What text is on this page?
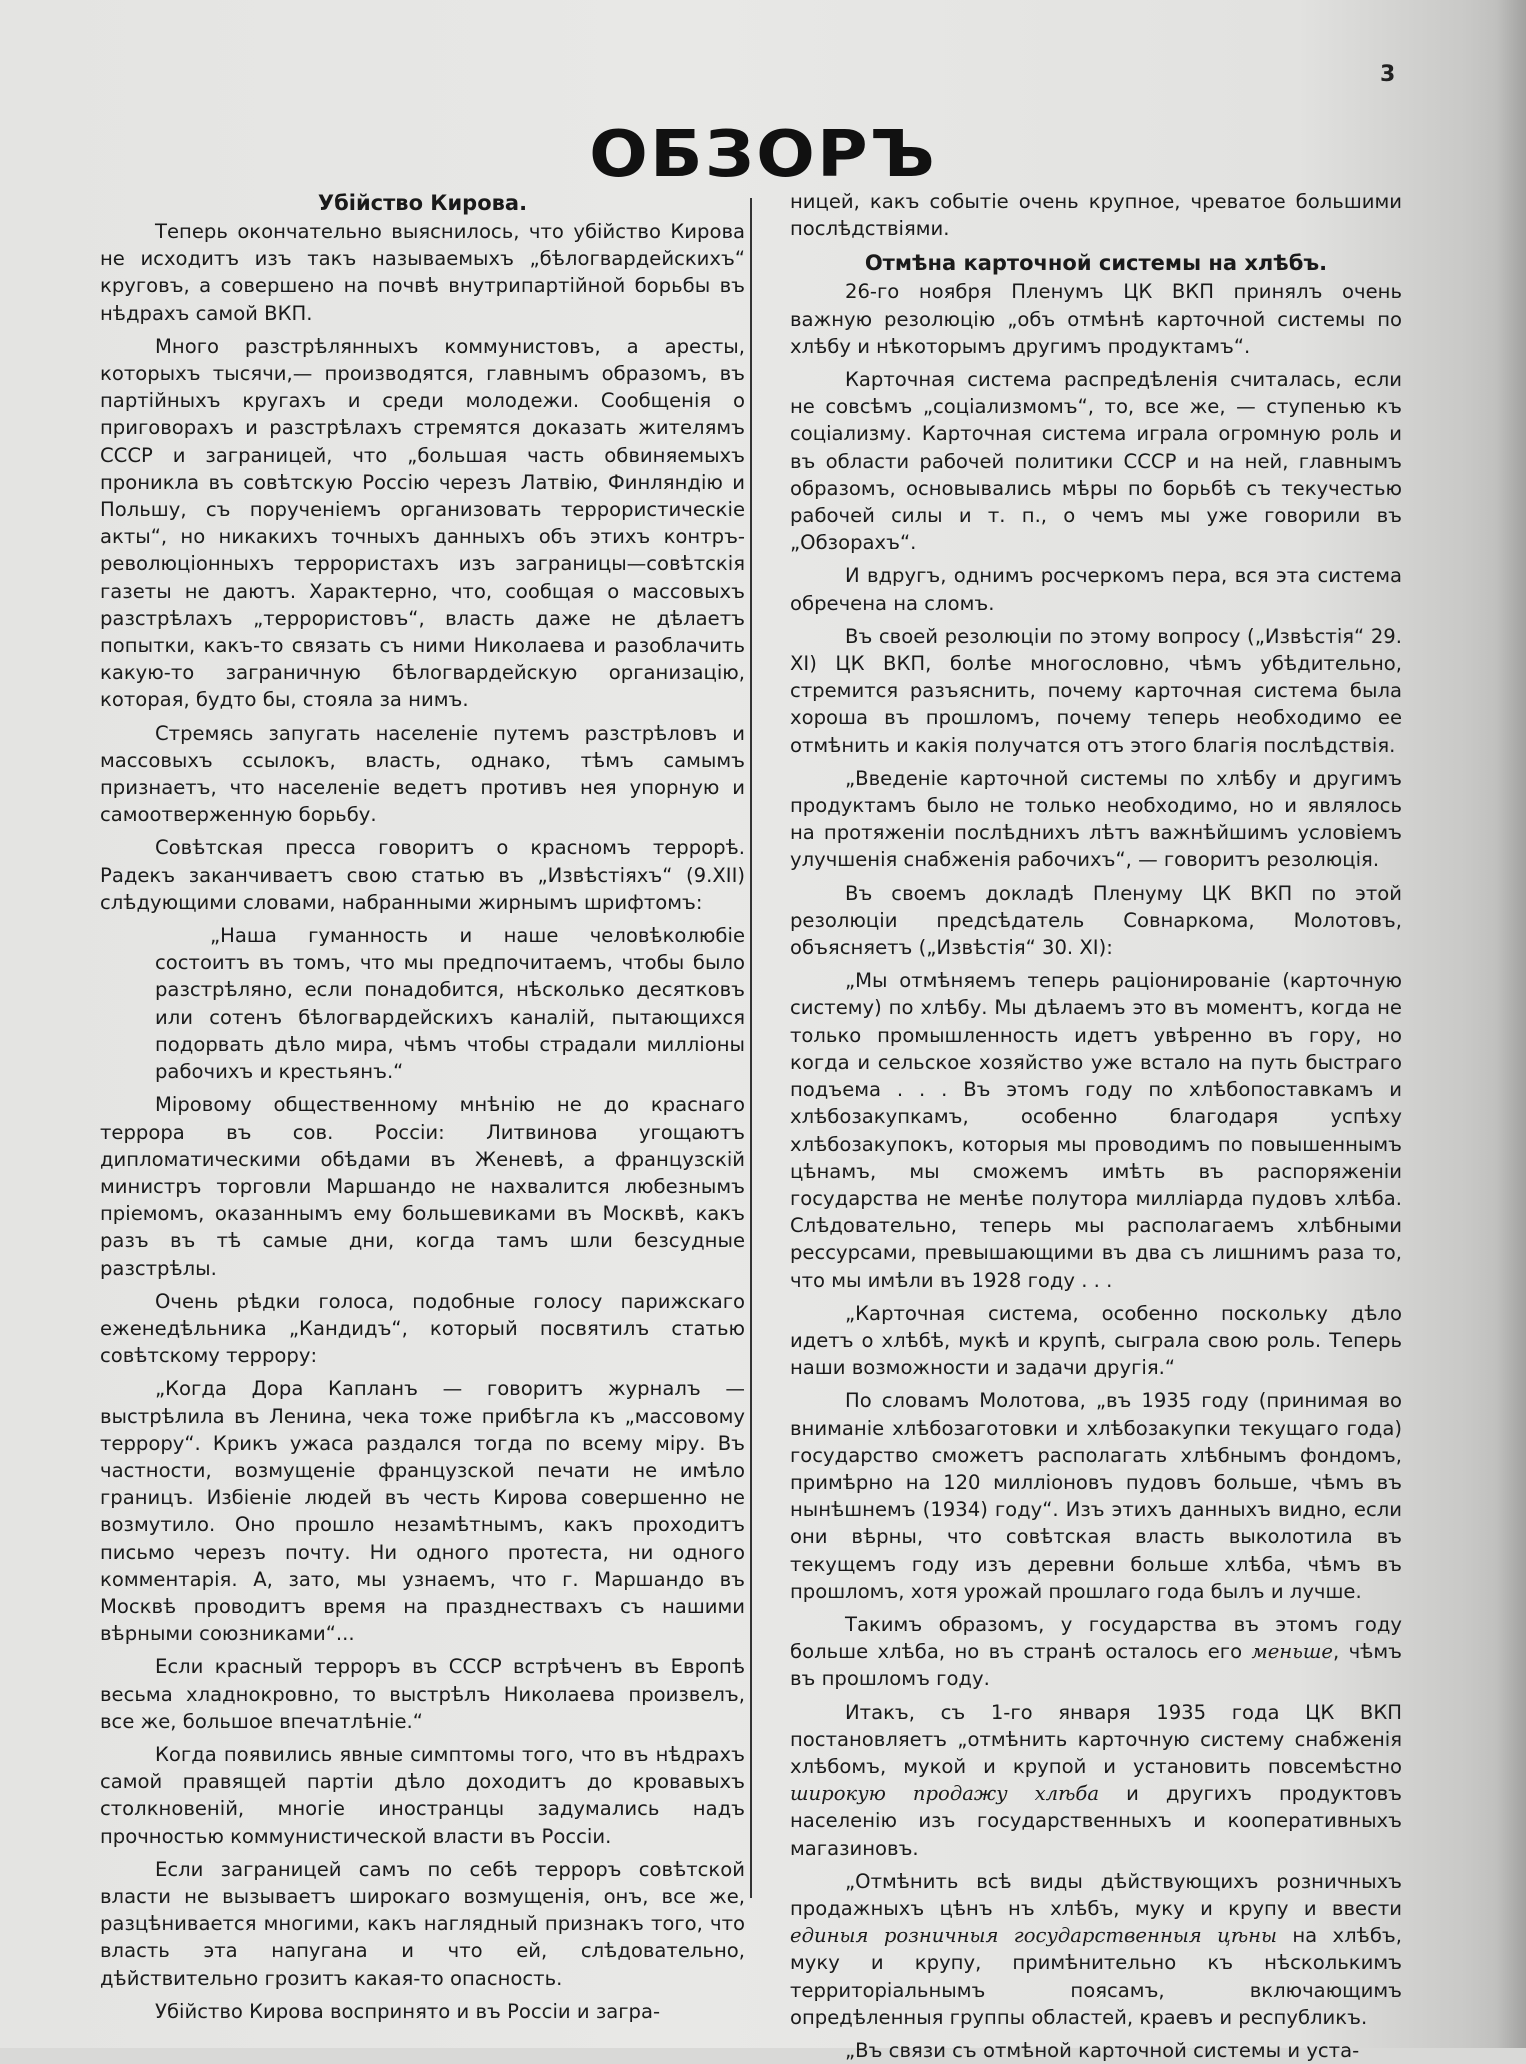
3
ОБЗОРЪ
Убійство Кирова.

Теперь окончательно выяснилось, что убійство Кирова не исходитъ изъ такъ называемыхъ „бѣлогвардейскихъ“ круговъ, а совершено на почвѣ внутрипартійной борьбы въ нѣдрахъ самой ВКП.

Много разстрѣлянныхъ коммунистовъ, а аресты, которыхъ тысячи,— производятся, главнымъ образомъ, въ партійныхъ кругахъ и среди молодежи. Сообщенія о приговорахъ и разстрѣлахъ стремятся доказать жителямъ СССР и заграницей, что „большая часть обвиняемыхъ проникла въ совѣтскую Россію черезъ Латвію, Финляндію и Польшу, съ порученіемъ организовать террористическіе акты“, но никакихъ точныхъ данныхъ объ этихъ контръ-революціонныхъ террористахъ изъ заграницы—совѣтскія газеты не даютъ. Характерно, что, сообщая о массовыхъ разстрѣлахъ „террористовъ“, власть даже не дѣлаетъ попытки, какъ-то связать съ ними Николаева и разоблачить какую-то заграничную бѣлогвардейскую организацію, которая, будто бы, стояла за нимъ.

Стремясь запугать населеніе путемъ разстрѣловъ и массовыхъ ссылокъ, власть, однако, тѣмъ самымъ признаетъ, что населеніе ведетъ противъ нея упорную и самоотверженную борьбу.

Совѣтская пресса говоритъ о красномъ террорѣ. Радекъ заканчиваетъ свою статью въ „Извѣстіяхъ“ (9.XII) слѣдующими словами, набранными жирнымъ шрифтомъ:

„Наша гуманность и наше человѣколюбіе состоитъ въ томъ, что мы предпочитаемъ, чтобы было разстрѣляно, если понадобится, нѣсколько десятковъ или сотенъ бѣлогвардейскихъ каналій, пытающихся подорвать дѣло мира, чѣмъ чтобы страдали милліоны рабочихъ и крестьянъ.“

Міровому общественному мнѣнію не до краснаго террора въ сов. Россіи: Литвинова угощаютъ дипломатическими обѣдами въ Женевѣ, а французскій министръ торговли Маршандо не нахвалится любезнымъ пріемомъ, оказаннымъ ему большевиками въ Москвѣ, какъ разъ въ тѣ самые дни, когда тамъ шли безсудные разстрѣлы.

Очень рѣдки голоса, подобные голосу парижскаго еженедѣльника „Кандидъ“, который посвятилъ статью совѣтскому террору:

„Когда Дора Капланъ — говоритъ журналъ — выстрѣлила въ Ленина, чека тоже прибѣгла къ „массовому террору“. Крикъ ужаса раздался тогда по всему міру. Въ частности, возмущеніе французской печати не имѣло границъ. Избіеніе людей въ честь Кирова совершенно не возмутило. Оно прошло незамѣтнымъ, какъ проходитъ письмо черезъ почту. Ни одного протеста, ни одного комментарія. А, зато, мы узнаемъ, что г. Маршандо въ Москвѣ проводитъ время на празднествахъ съ нашими вѣрными союзниками“...

Если красный терроръ въ СССР встрѣченъ въ Европѣ весьма хладнокровно, то выстрѣлъ Николаева произвелъ, все же, большое впечатлѣніе.“

Когда появились явные симптомы того, что въ нѣдрахъ самой правящей партіи дѣло доходитъ до кровавыхъ столкновеній, многіе иностранцы задумались надъ прочностью коммунистической власти въ Россіи.

Если заграницей самъ по себѣ терроръ совѣтской власти не вызываетъ широкаго возмущенія, онъ, все же, разцѣнивается многими, какъ наглядный признакъ того, что власть эта напугана и что ей, слѣдовательно, дѣйствительно грозитъ какая-то опасность.

Убійство Кирова воспринято и въ Россіи и загра-

ницей, какъ событіе очень крупное, чреватое большими послѣдствіями.

Отмѣна карточной системы на хлѣбъ.

26-го ноября Пленумъ ЦК ВКП принялъ очень важную резолюцію „объ отмѣнѣ карточной системы по хлѣбу и нѣкоторымъ другимъ продуктамъ“.

Карточная система распредѣленія считалась, если не совсѣмъ „соціализмомъ“, то, все же, — ступенью къ соціализму. Карточная система играла огромную роль и въ области рабочей политики СССР и на ней, главнымъ образомъ, основывались мѣры по борьбѣ съ текучестью рабочей силы и т. п., о чемъ мы уже говорили въ „Обзорахъ“.

И вдругъ, однимъ росчеркомъ пера, вся эта система обречена на сломъ.

Въ своей резолюціи по этому вопросу („Извѣстія“ 29. XI) ЦК ВКП, болѣе многословно, чѣмъ убѣдительно, стремится разъяснить, почему карточная система была хороша въ прошломъ, почему теперь необходимо ее отмѣнить и какія получатся отъ этого благія послѣдствія.

„Введеніе карточной системы по хлѣбу и другимъ продуктамъ было не только необходимо, но и являлось на протяженіи послѣднихъ лѣтъ важнѣйшимъ условіемъ улучшенія снабженія рабочихъ“, — говоритъ резолюція.

Въ своемъ докладѣ Пленуму ЦК ВКП по этой резолюціи предсѣдатель Совнаркома, Молотовъ, объясняетъ („Извѣстія“ 30. XI):

„Мы отмѣняемъ теперь раціонированіе (карточную систему) по хлѣбу. Мы дѣлаемъ это въ моментъ, когда не только промышленность идетъ увѣренно въ гору, но когда и сельское хозяйство уже встало на путь быстраго подъема . . . Въ этомъ году по хлѣбопоставкамъ и хлѣбозакупкамъ, особенно благодаря успѣху хлѣбозакупокъ, которыя мы проводимъ по повышеннымъ цѣнамъ, мы сможемъ имѣть въ распоряженіи государства не менѣе полутора милліарда пудовъ хлѣба. Слѣдовательно, теперь мы располагаемъ хлѣбными рессурсами, превышающими въ два съ лишнимъ раза то, что мы имѣли въ 1928 году . . .

„Карточная система, особенно поскольку дѣло идетъ о хлѣбѣ, мукѣ и крупѣ, сыграла свою роль. Теперь наши возможности и задачи другія.“

По словамъ Молотова, „въ 1935 году (принимая во вниманіе хлѣбозаготовки и хлѣбозакупки текущаго года) государство сможетъ располагать хлѣбнымъ фондомъ, примѣрно на 120 милліоновъ пудовъ больше, чѣмъ въ нынѣшнемъ (1934) году“. Изъ этихъ данныхъ видно, если они вѣрны, что совѣтская власть выколотила въ текущемъ году изъ деревни больше хлѣба, чѣмъ въ прошломъ, хотя урожай прошлаго года былъ и лучше.

Такимъ образомъ, у государства въ этомъ году больше хлѣба, но въ странѣ осталось его меньше, чѣмъ въ прошломъ году.

Итакъ, съ 1-го января 1935 года ЦК ВКП постановляетъ „отмѣнить карточную систему снабженія хлѣбомъ, мукой и крупой и установить повсемѣстно широкую продажу хлѣба и другихъ продуктовъ населенію изъ государственныхъ и кооперативныхъ магазиновъ.

„Отмѣнить всѣ виды дѣйствующихъ розничныхъ продажныхъ цѣнъ нъ хлѣбъ, муку и крупу и ввести единыя розничныя государственныя цѣны на хлѣбъ, муку и крупу, примѣнительно къ нѣсколькимъ территоріальнымъ поясамъ, включающимъ опредѣленныя группы областей, краевъ и республикъ.

„Въ связи съ отмѣной карточной системы и уста-
